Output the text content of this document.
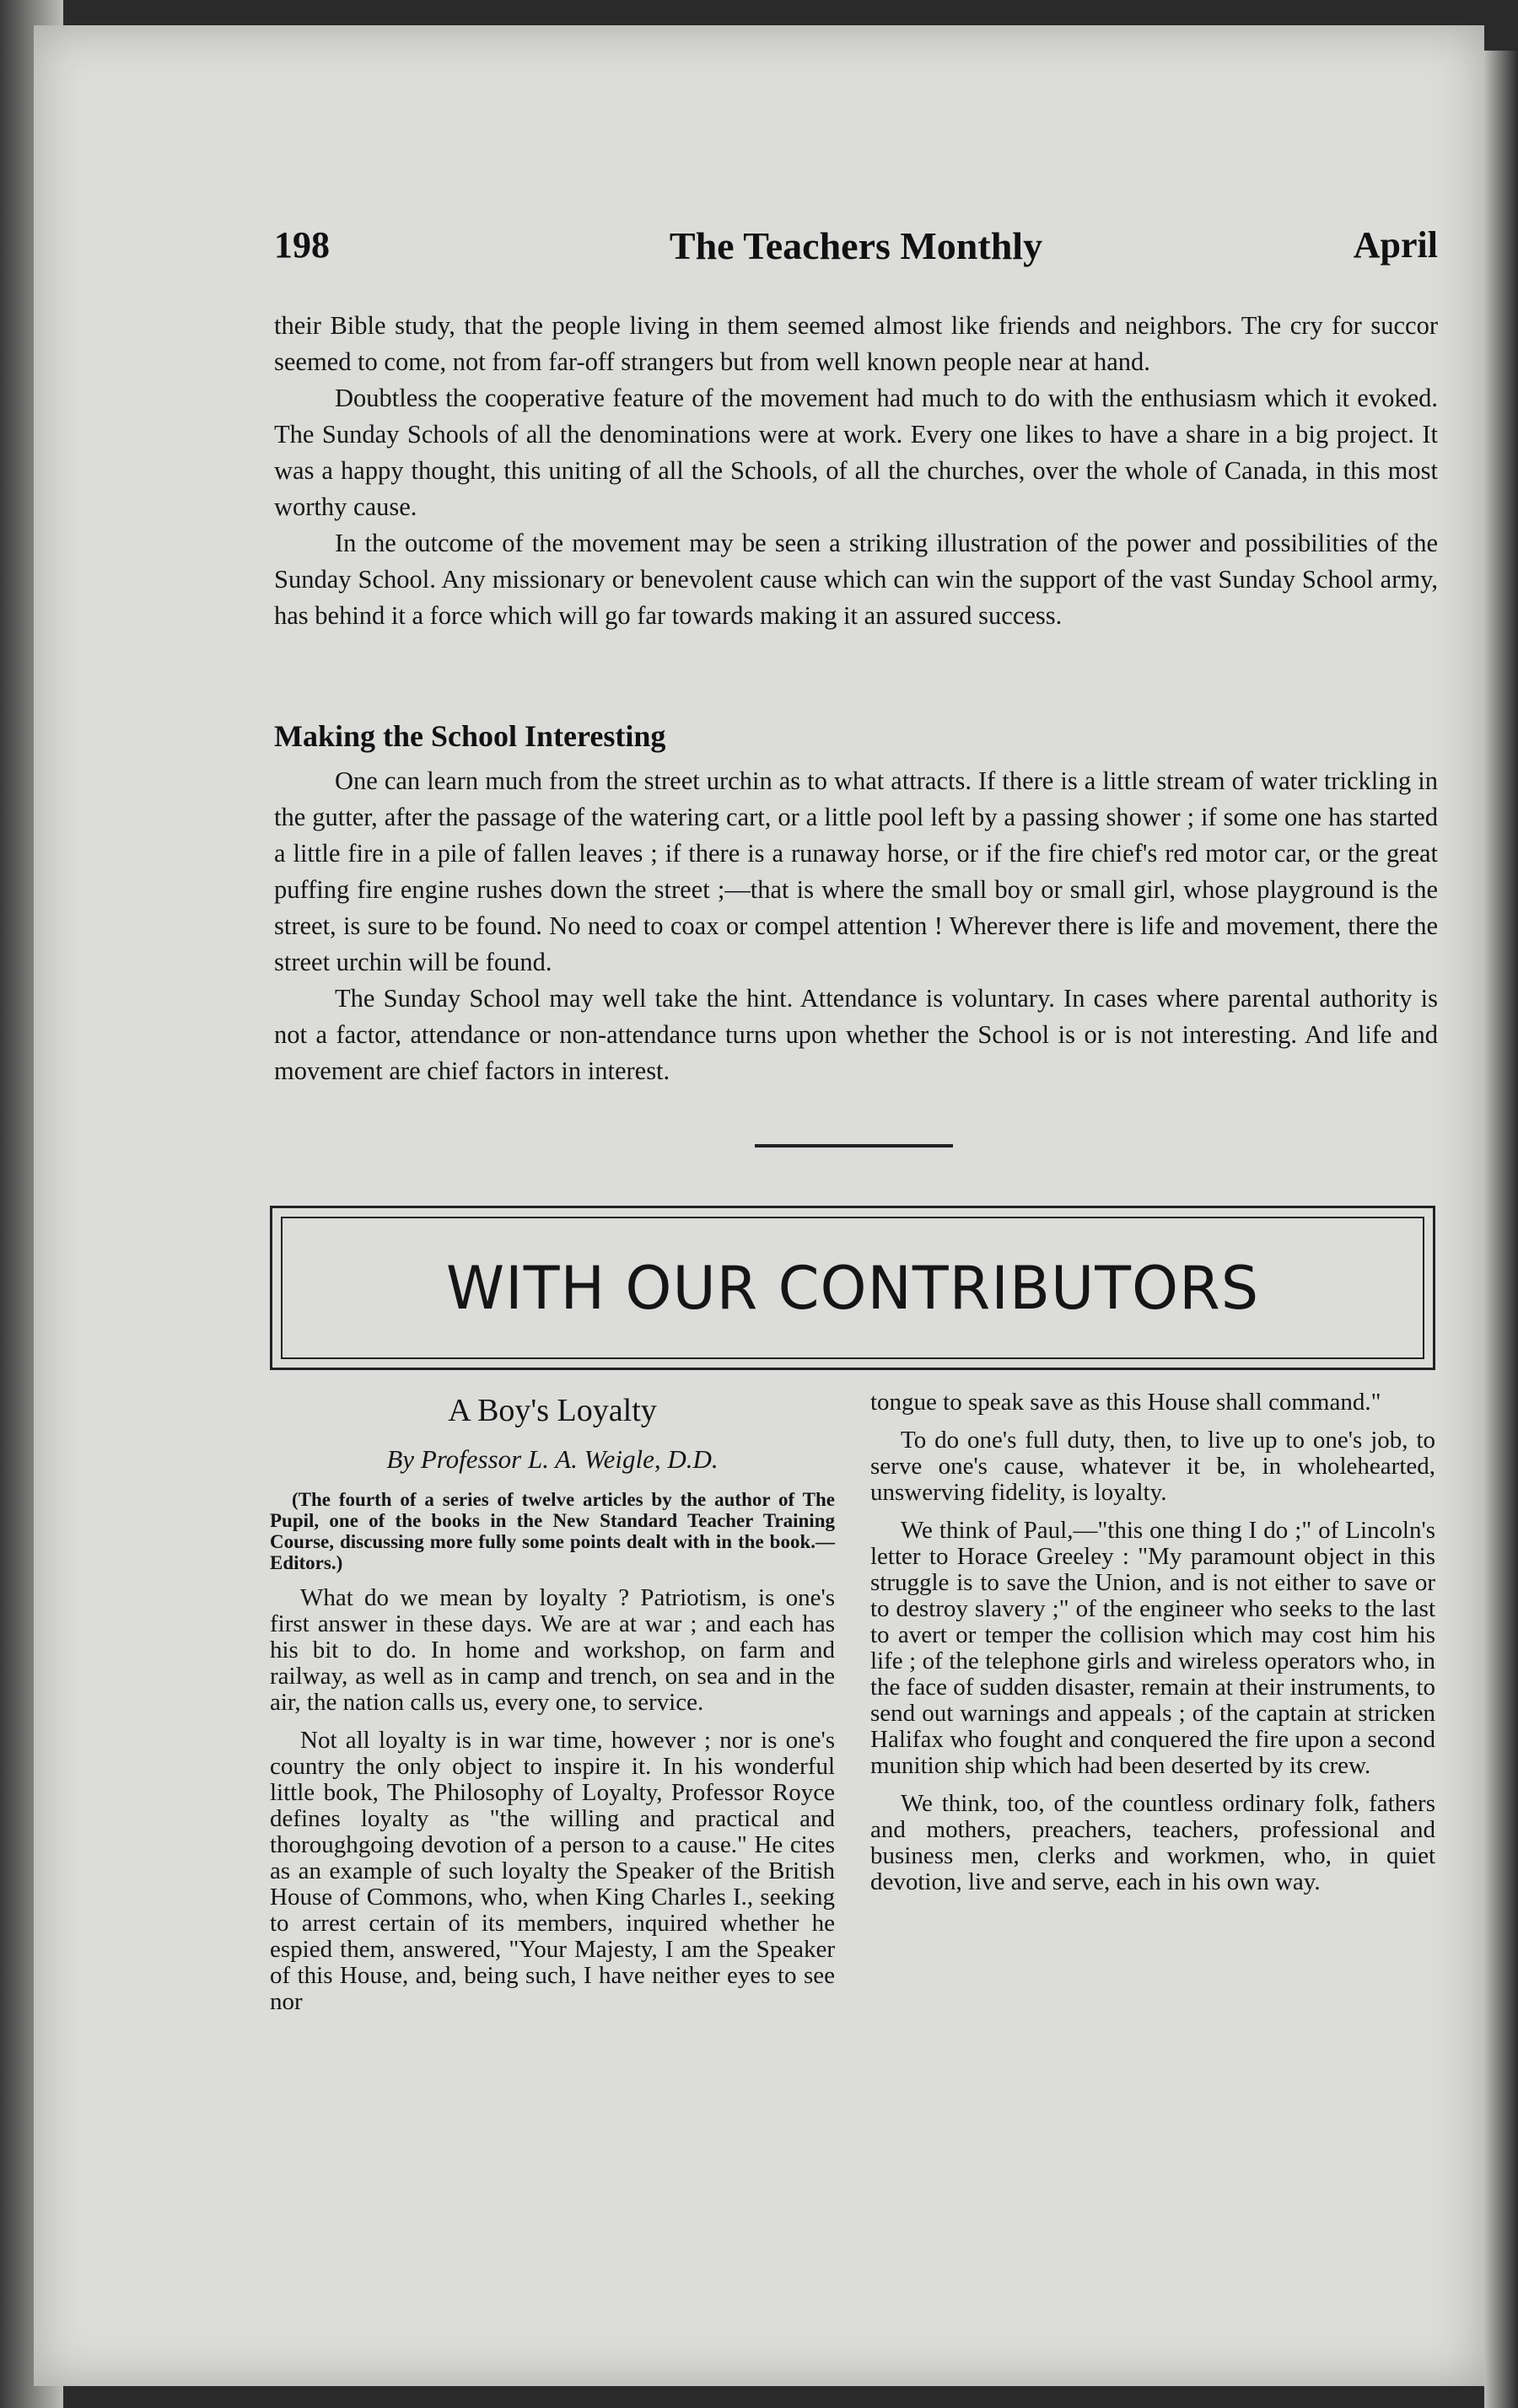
198	The Teachers Monthly	April

their Bible study, that the people living in them seemed almost like friends and neighbors. The cry for succor seemed to come, not from far-off strangers but from well known people near at hand.

Doubtless the cooperative feature of the movement had much to do with the enthusiasm which it evoked. The Sunday Schools of all the denominations were at work. Every one likes to have a share in a big project. It was a happy thought, this uniting of all the Schools, of all the churches, over the whole of Canada, in this most worthy cause.

In the outcome of the movement may be seen a striking illustration of the power and possibilities of the Sunday School. Any missionary or benevolent cause which can win the support of the vast Sunday School army, has behind it a force which will go far towards making it an assured success.

Making the School Interesting

One can learn much from the street urchin as to what attracts. If there is a little stream of water trickling in the gutter, after the passage of the watering cart, or a little pool left by a passing shower ; if some one has started a little fire in a pile of fallen leaves ; if there is a runaway horse, or if the fire chief's red motor car, or the great puffing fire engine rushes down the street ;—that is where the small boy or small girl, whose playground is the street, is sure to be found. No need to coax or compel attention ! Wherever there is life and movement, there the street urchin will be found.

The Sunday School may well take the hint. Attendance is voluntary. In cases where parental authority is not a factor, attendance or non-attendance turns upon whether the School is or is not interesting. And life and movement are chief factors in interest.

WITH OUR CONTRIBUTORS

A Boy's Loyalty

By Professor L. A. Weigle, D.D.

(The fourth of a series of twelve articles by the author of The Pupil, one of the books in the New Standard Teacher Training Course, discussing more fully some points dealt with in the book.—Editors.)

What do we mean by loyalty ? Patriotism, is one's first answer in these days. We are at war ; and each has his bit to do. In home and workshop, on farm and railway, as well as in camp and trench, on sea and in the air, the nation calls us, every one, to service.

Not all loyalty is in war time, however ; nor is one's country the only object to inspire it. In his wonderful little book, The Philosophy of Loyalty, Professor Royce defines loyalty as "the willing and practical and thoroughgoing devotion of a person to a cause." He cites as an example of such loyalty the Speaker of the British House of Commons, who, when King Charles I., seeking to arrest certain of its members, inquired whether he espied them, answered, "Your Majesty, I am the Speaker of this House, and, being such, I have neither eyes to see nor

tongue to speak save as this House shall command."

To do one's full duty, then, to live up to one's job, to serve one's cause, whatever it be, in wholehearted, unswerving fidelity, is loyalty.

We think of Paul,—"this one thing I do ;" of Lincoln's letter to Horace Greeley : "My paramount object in this struggle is to save the Union, and is not either to save or to destroy slavery ;" of the engineer who seeks to the last to avert or temper the collision which may cost him his life ; of the telephone girls and wireless operators who, in the face of sudden disaster, remain at their instruments, to send out warnings and appeals ; of the captain at stricken Halifax who fought and conquered the fire upon a second munition ship which had been deserted by its crew.

We think, too, of the countless ordinary folk, fathers and mothers, preachers, teachers, professional and business men, clerks and workmen, who, in quiet devotion, live and serve, each in his own way.
